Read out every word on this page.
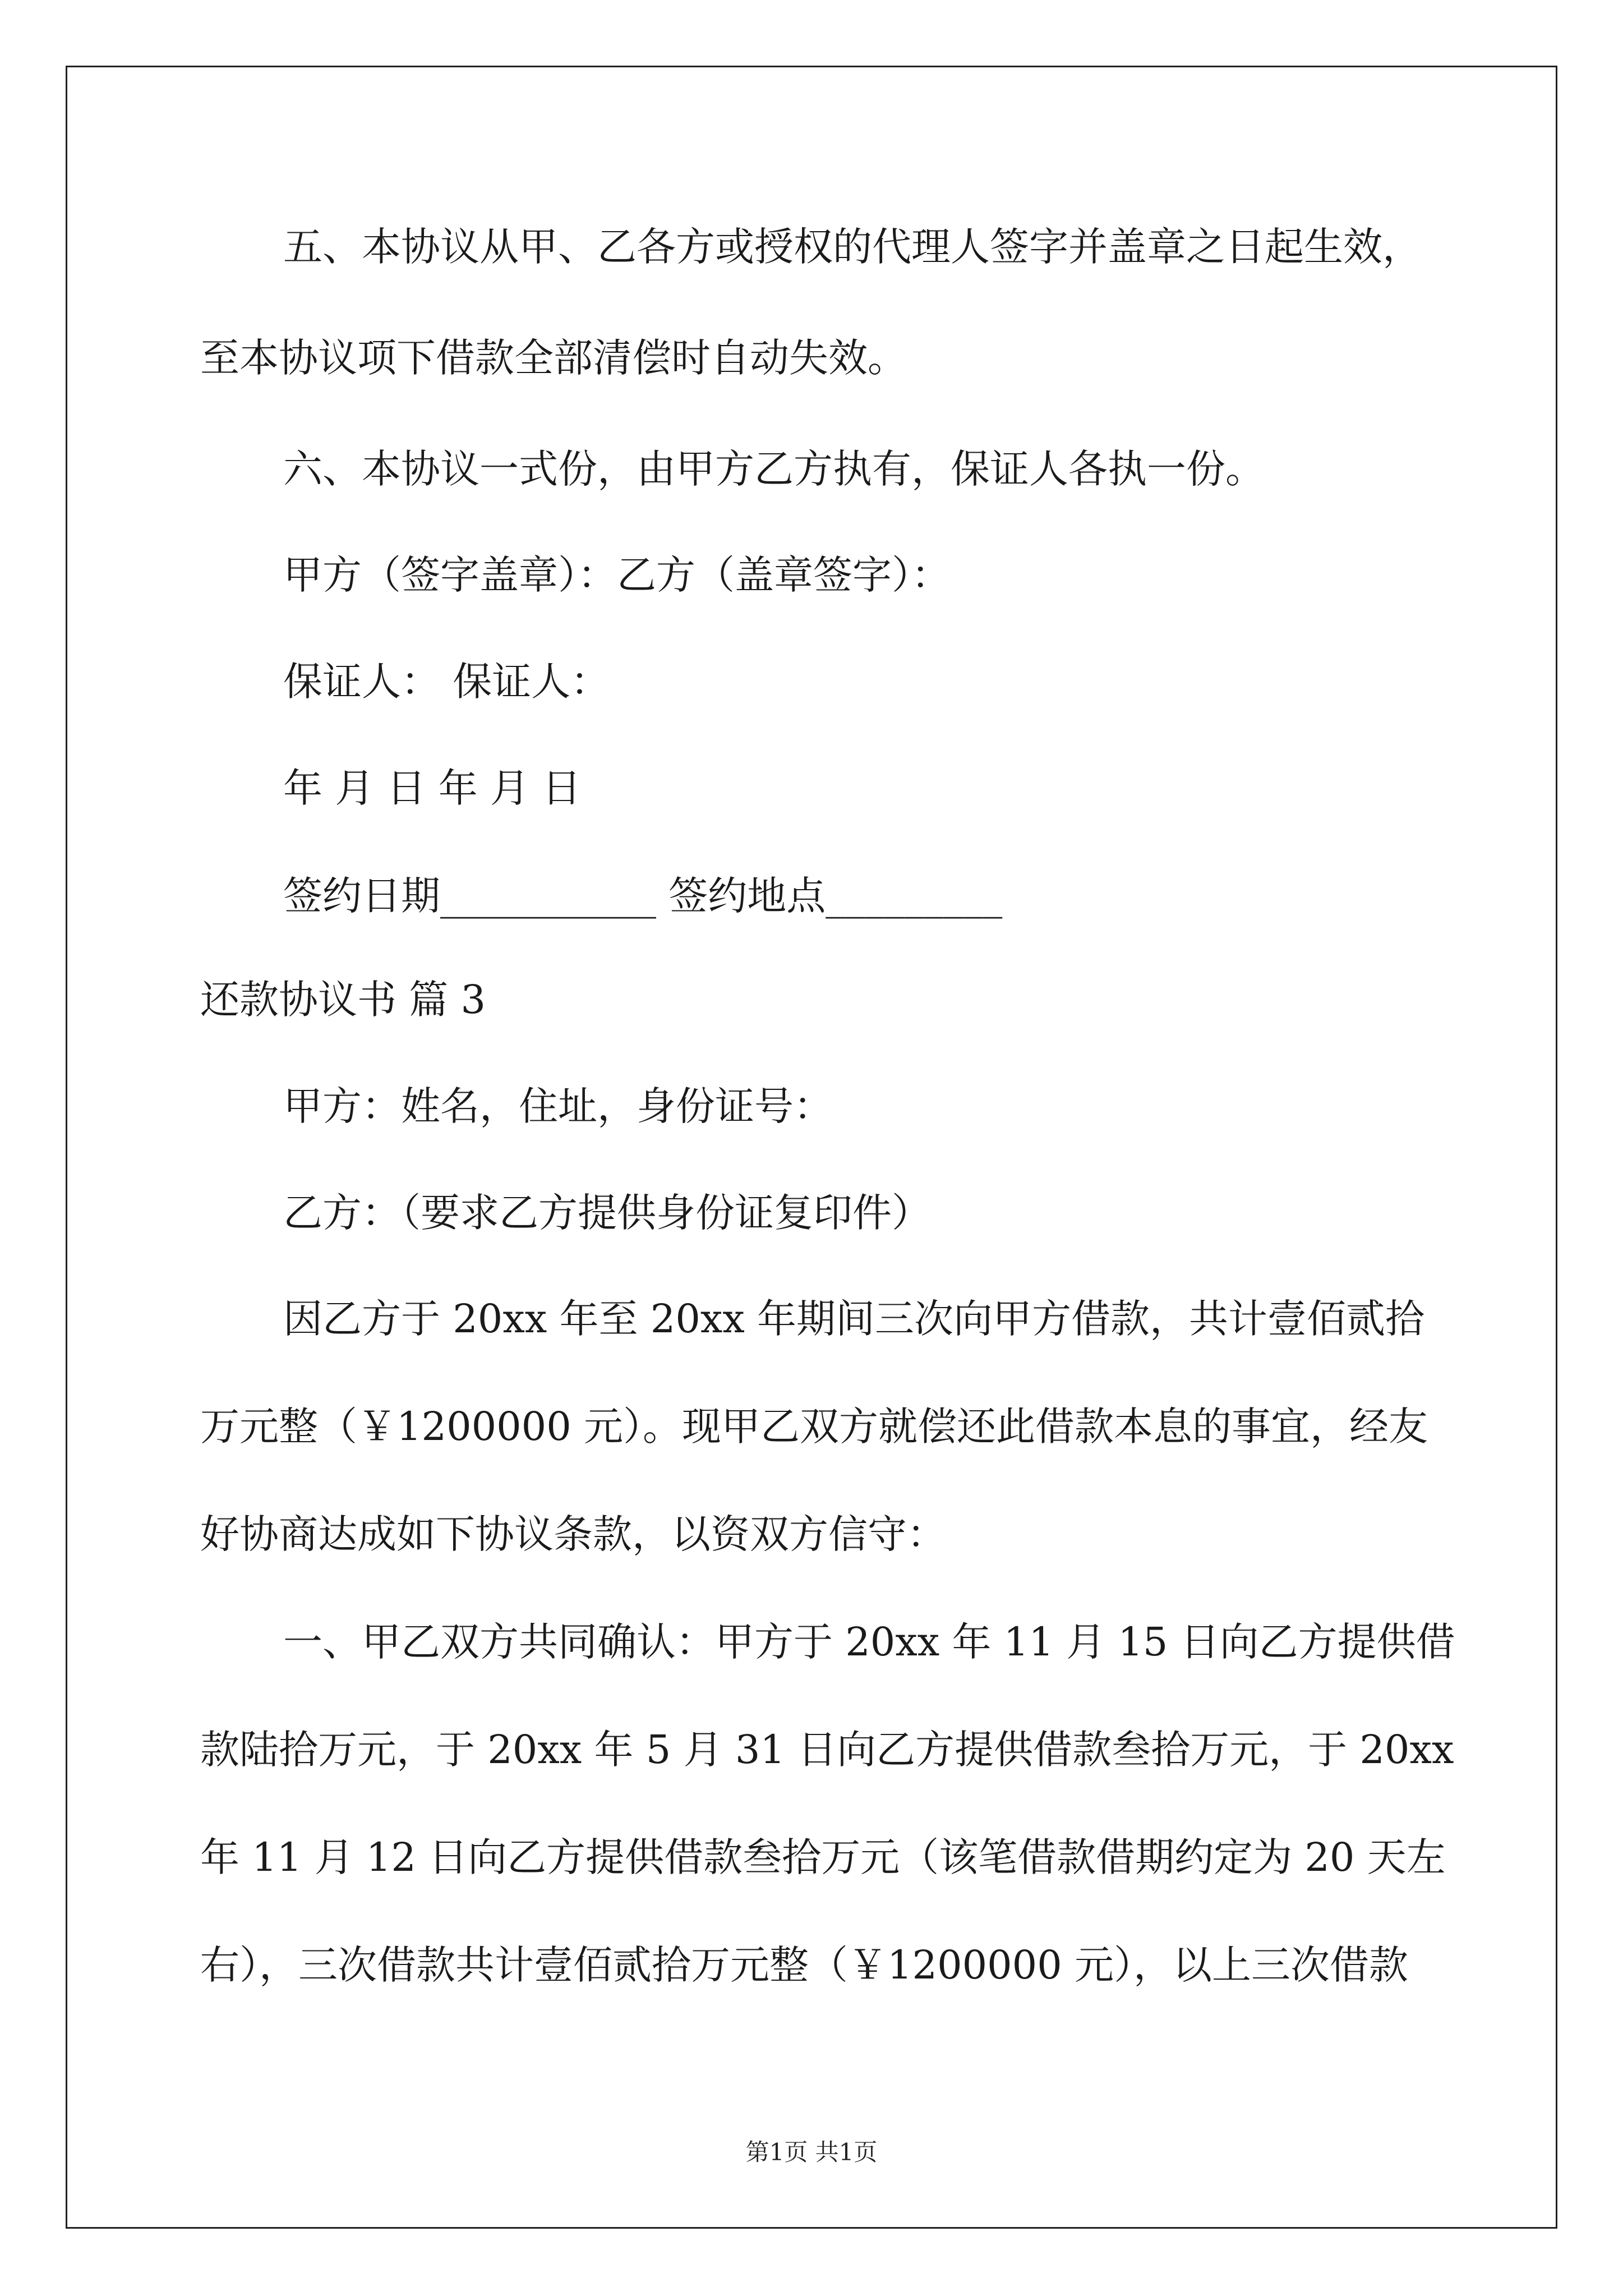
五、本协议从甲、乙各方或授权的代理人签字并盖章之日起生效，
至本协议项下借款全部清偿时自动失效。
六、本协议一式份，由甲方乙方执有，保证人各执一份。
甲方（签字盖章）：乙方（盖章签字）：
保证人： 保证人：
年 月 日 年 月 日
签约日期___________ 签约地点_________
还款协议书 篇 3
甲方：姓名，住址，身份证号：
乙方：（要求乙方提供身份证复印件）
因乙方于 20xx 年至 20xx 年期间三次向甲方借款，共计壹佰贰拾
万元整（￥1200000 元）。现甲乙双方就偿还此借款本息的事宜，经友
好协商达成如下协议条款，以资双方信守：
一、甲乙双方共同确认：甲方于 20xx 年 11 月 15 日向乙方提供借
款陆拾万元，于 20xx 年 5 月 31 日向乙方提供借款叁拾万元，于 20xx
年 11 月 12 日向乙方提供借款叁拾万元（该笔借款借期约定为 20 天左
右），三次借款共计壹佰贰拾万元整（￥1200000 元），以上三次借款
第1页 共1页
